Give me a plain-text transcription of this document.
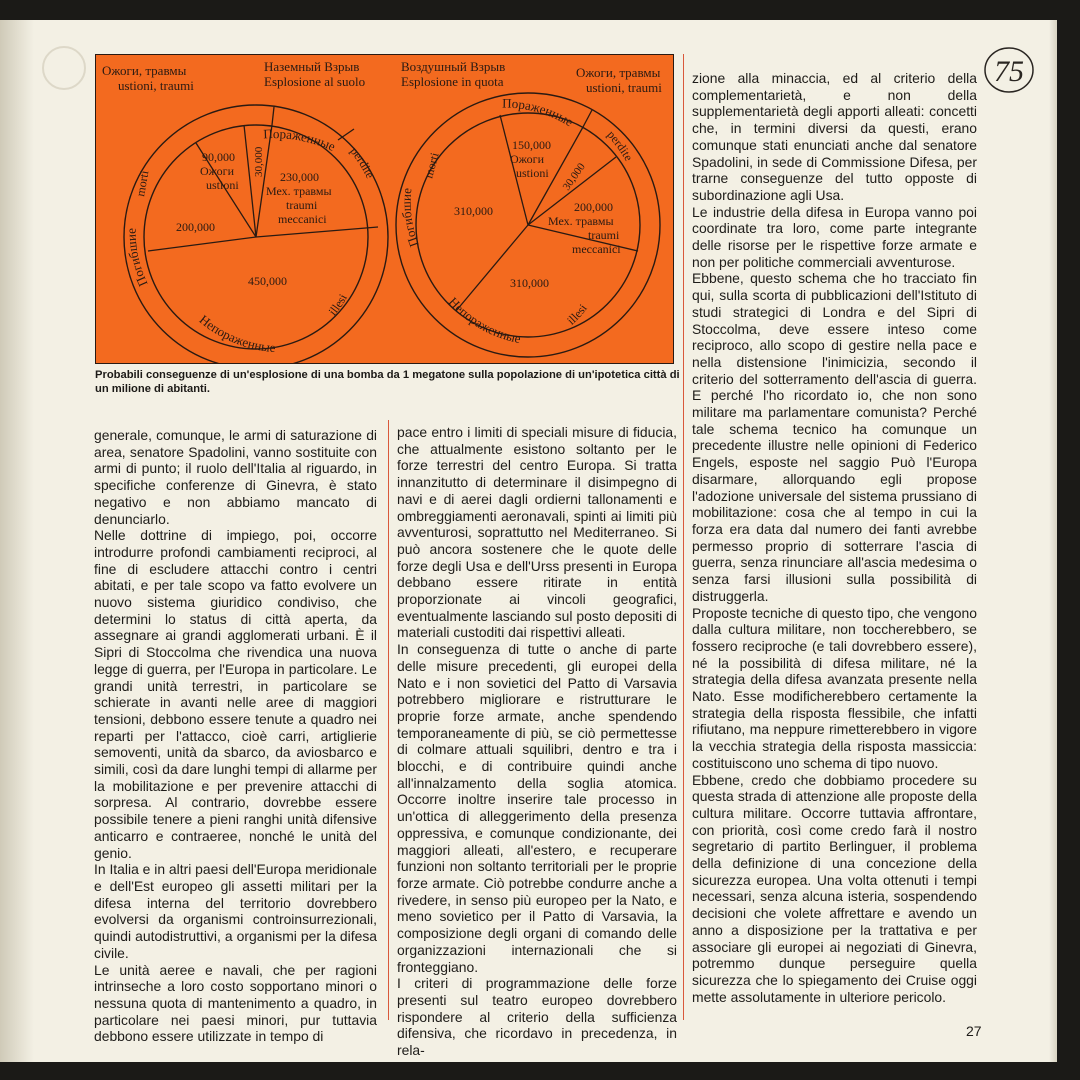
Ожоги, травмы
ustioni, traumi
Наземный Взрыв
Esplosione al suolo
Воздушный Взрыв
Esplosione in quota
Ожоги, травмы
ustioni, traumi
Пораженные perdite
Погибшие
morti
Непораженные
illesi
90,000
Ожоги
ustioni
30,000 230,000
Мех. травмы
traumi
meccanici
200,000
450,000
Пораженные
perdite
Погибшие
morti
Непораженные
illesi
150,000
Ожоги
ustioni 30,000
200,000
Мех. травмы
traumi
meccanici
310,000
310,000
Probabili conseguenze di un'esplosione di una bomba da 1 megatone sulla popolazione di un'ipotetica città di un milione di abitanti.

generale, comunque, le armi di saturazione di area, senatore Spadolini, vanno sostituite con armi di punto; il ruolo dell'Italia al riguardo, in specifiche conferenze di Ginevra, è stato negativo e non abbiamo mancato di denunciarlo.

Nelle dottrine di impiego, poi, occorre introdurre profondi cambiamenti reciproci, al fine di escludere attacchi contro i centri abitati, e per tale scopo va fatto evolvere un nuovo sistema giuridico condiviso, che determini lo status di città aperta, da assegnare ai grandi agglomerati urbani. È il Sipri di Stoccolma che rivendica una nuova legge di guerra, per l'Europa in particolare. Le grandi unità terrestri, in particolare se schierate in avanti nelle aree di maggiori tensioni, debbono essere tenute a quadro nei reparti per l'attacco, cioè carri, artiglierie semoventi, unità da sbarco, da aviosbarco e simili, così da dare lunghi tempi di allarme per la mobilitazione e per prevenire attacchi di sorpresa. Al contrario, dovrebbe essere possibile tenere a pieni ranghi unità difensive anticarro e contraeree, nonché le unità del genio.

In Italia e in altri paesi dell'Europa meridionale e dell'Est europeo gli assetti militari per la difesa interna del territorio dovrebbero evolversi da organismi controinsurrezionali, quindi autodistruttivi, a organismi per la difesa civile.

Le unità aeree e navali, che per ragioni intrinseche a loro costo sopportano minori o nessuna quota di mantenimento a quadro, in particolare nei paesi minori, pur tuttavia debbono essere utilizzate in tempo di

pace entro i limiti di speciali misure di fiducia, che attualmente esistono soltanto per le forze terrestri del centro Europa. Si tratta innanzitutto di determinare il disimpegno di navi e di aerei dagli ordierni tallonamenti e ombreggiamenti aeronavali, spinti ai limiti più avventurosi, soprattutto nel Mediterraneo. Si può ancora sostenere che le quote delle forze degli Usa e dell'Urss presenti in Europa debbano essere ritirate in entità proporzionate ai vincoli geografici, eventualmente lasciando sul posto depositi di materiali custoditi dai rispettivi alleati.

In conseguenza di tutte o anche di parte delle misure precedenti, gli europei della Nato e i non sovietici del Patto di Varsavia potrebbero migliorare e ristrutturare le proprie forze armate, anche spendendo temporaneamente di più, se ciò permettesse di colmare attuali squilibri, dentro e tra i blocchi, e di contribuire quindi anche all'innalzamento della soglia atomica. Occorre inoltre inserire tale processo in un'ottica di alleggerimento della presenza oppressiva, e comunque condizionante, dei maggiori alleati, all'estero, e recuperare funzioni non soltanto territoriali per le proprie forze armate. Ciò potrebbe condurre anche a rivedere, in senso più europeo per la Nato, e meno sovietico per il Patto di Varsavia, la composizione degli organi di comando delle organizzazioni internazionali che si fronteggiano.

I criteri di programmazione delle forze presenti sul teatro europeo dovrebbero rispondere al criterio della sufficienza difensiva, che ricordavo in precedenza, in rela-

zione alla minaccia, ed al criterio della complementarietà, e non della supplementarietà degli apporti alleati: concetti che, in termini diversi da questi, erano comunque stati enunciati anche dal senatore Spadolini, in sede di Commissione Difesa, per trarne conseguenze del tutto opposte di subordinazione agli Usa.

Le industrie della difesa in Europa vanno poi coordinate tra loro, come parte integrante delle risorse per le rispettive forze armate e non per politiche commerciali avventurose.

Ebbene, questo schema che ho tracciato fin qui, sulla scorta di pubblicazioni dell'Istituto di studi strategici di Londra e del Sipri di Stoccolma, deve essere inteso come reciproco, allo scopo di gestire nella pace e nella distensione l'inimicizia, secondo il criterio del sotterramento dell'ascia di guerra. E perché l'ho ricordato io, che non sono militare ma parlamentare comunista? Perché tale schema tecnico ha comunque un precedente illustre nelle opinioni di Federico Engels, esposte nel saggio Può l'Europa disarmare, allorquando egli propose l'adozione universale del sistema prussiano di mobilitazione: cosa che al tempo in cui la forza era data dal numero dei fanti avrebbe permesso proprio di sotterrare l'ascia di guerra, senza rinunciare all'ascia medesima o senza farsi illusioni sulla possibilità di distruggerla.

Proposte tecniche di questo tipo, che vengono dalla cultura militare, non toccherebbero, se fossero reciproche (e tali dovrebbero essere), né la possibilità di difesa militare, né la strategia della difesa avanzata presente nella Nato. Esse modificherebbero certamente la strategia della risposta flessibile, che infatti rifiutano, ma neppure rimetterebbero in vigore la vecchia strategia della risposta massiccia: costituiscono uno schema di tipo nuovo.

Ebbene, credo che dobbiamo procedere su questa strada di attenzione alle proposte della cultura militare. Occorre tuttavia affrontare, con priorità, così come credo farà il nostro segretario di partito Berlinguer, il problema della definizione di una concezione della sicurezza europea. Una volta ottenuti i tempi necessari, senza alcuna isteria, sospendendo decisioni che volete affrettare e avendo un anno a disposizione per la trattativa e per associare gli europei ai negoziati di Ginevra, potremmo dunque perseguire quella sicurezza che lo spiegamento dei Cruise oggi mette assolutamente in ulteriore pericolo.

75
27
